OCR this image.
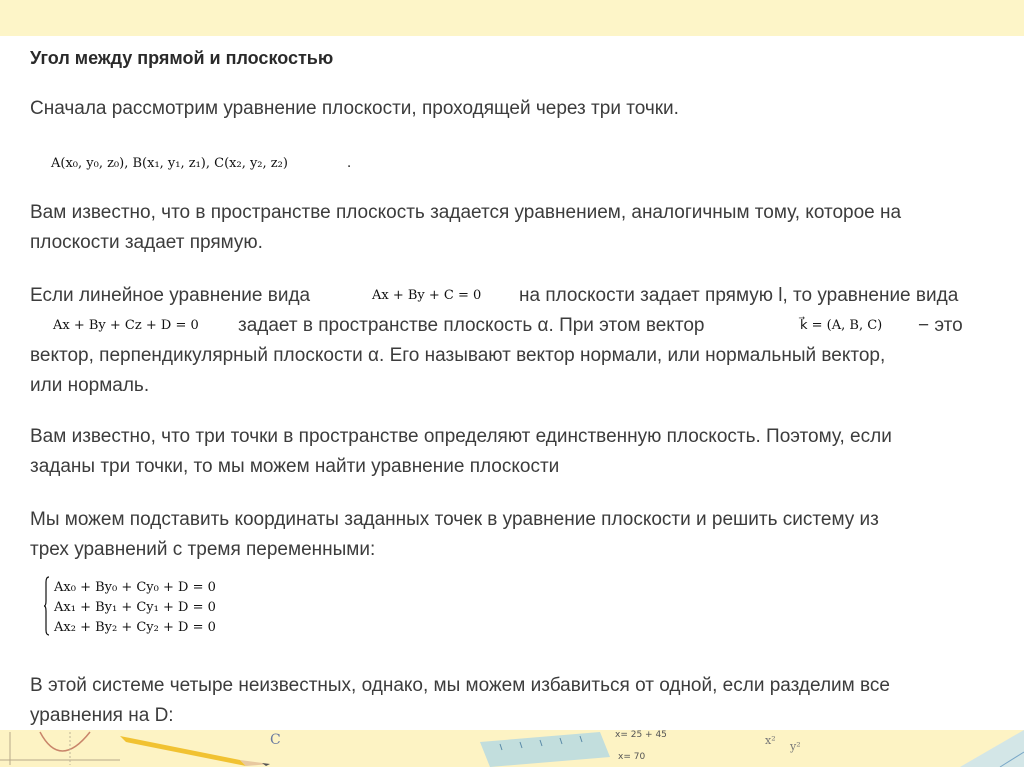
Угол между прямой и плоскостью

Сначала рассмотрим уравнение плоскости, проходящей через три точки.

A(x₀, y₀, z₀), B(x₁, y₁, z₁), C(x₂, y₂, z₂)	.

Вам известно, что в пространстве плоскость задается уравнением, аналогичным тому, которое на

плоскости задает прямую.

Если линейное уравнение вида	Ax + By + C = 0 на плоскости задает прямую l, то уравнение вида

Ax + By + Cz + D = 0 задает в пространстве плоскость α. При этом вектор	k⃗ = (A, B, C) − это

вектор, перпендикулярный плоскости α. Его называют вектор нормали, или нормальный вектор,

или нормаль.

Вам известно, что три точки в пространстве определяют единственную плоскость. Поэтому, если

заданы три точки, то мы можем найти уравнение плоскости

Мы можем подставить координаты заданных точек в уравнение плоскости и решить систему из

трех уравнений с тремя переменными:

Ax₀ + By₀ + Cy₀ + D = 0

Ax₁ + By₁ + Cy₁ + D = 0

Ax₂ + By₂ + Cy₂ + D = 0

В этой системе четыре неизвестных, однако, мы можем избавиться от одной, если разделим все

уравнения на D:

C	x= 25 + 45
x= 70
x² y²
